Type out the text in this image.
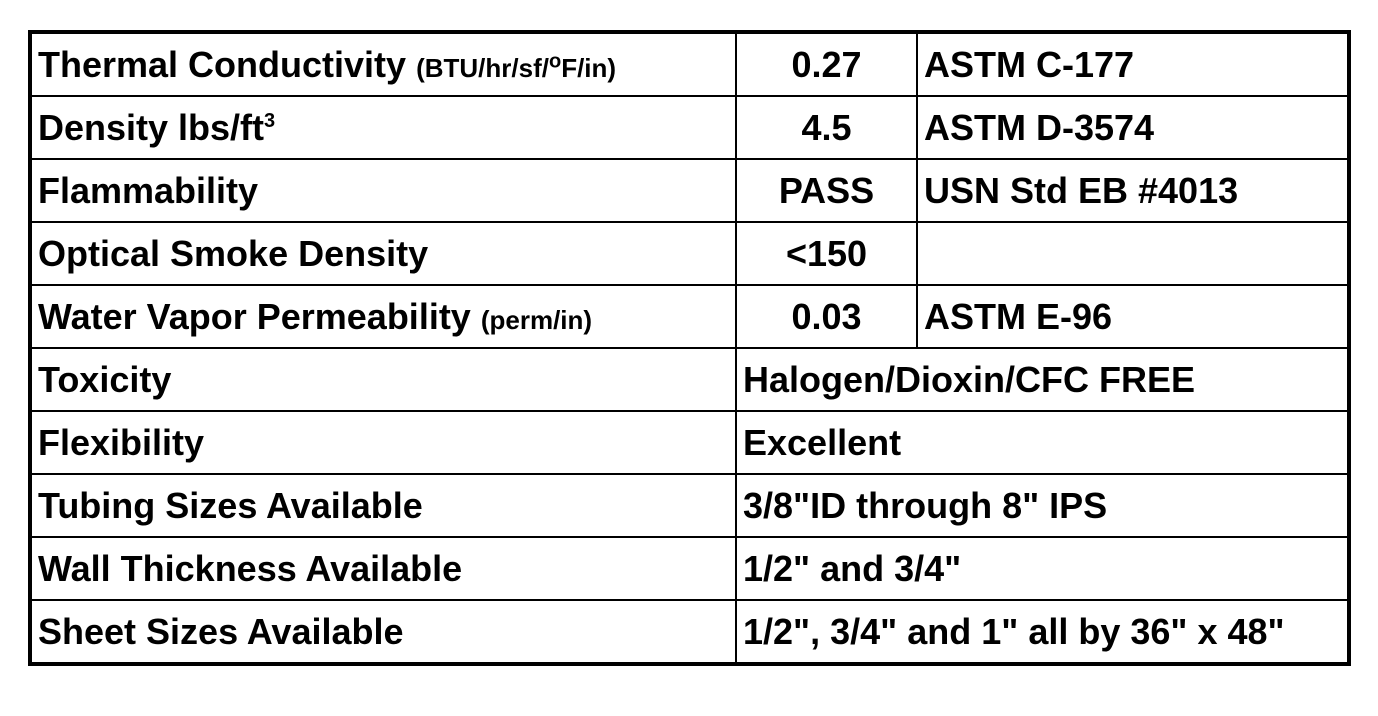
Thermal Conductivity (BTU/hr/sf/$^o$F/in)	0.27	ASTM C-177
Density lbs/$ft^3$	4.5	ASTM D-3574
Flammability	PASS	USN Std EB #4013
Optical Smoke Density	<150	
Water Vapor Permeability (perm/in)	0.03	ASTM E-96
Toxicity	Halogen/Dioxin/CFC FREE	
Flexibility	Excellent	
Tubing Sizes Available	3/8"ID through 8" IPS	
Wall Thickness Available	1/2" and 3/4"	
Sheet Sizes Available	1/2", 3/4" and 1" all by 36" x 48"	
